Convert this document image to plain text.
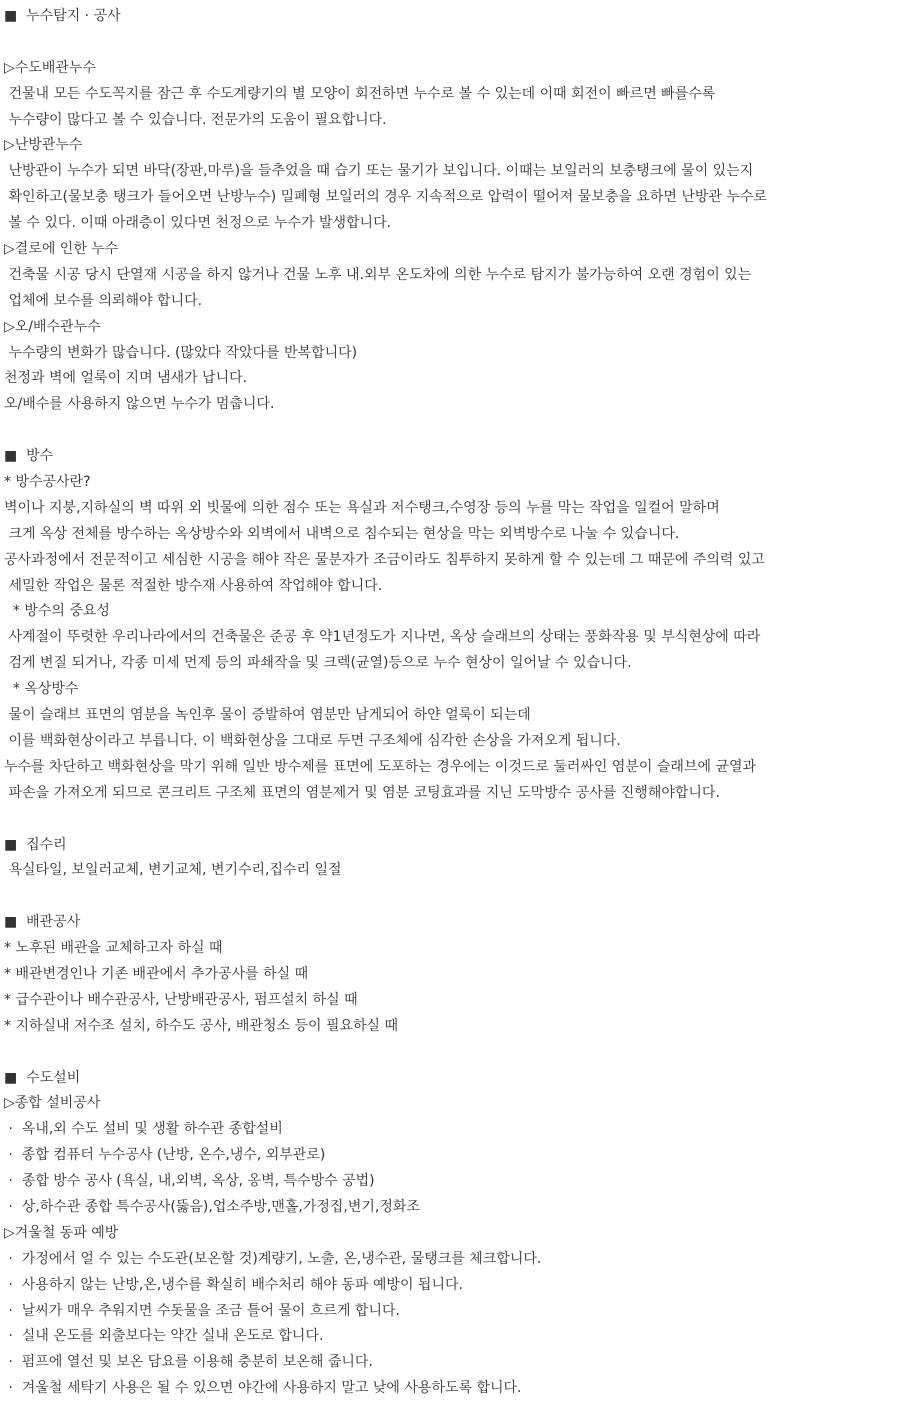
■  누수탐지 · 공사
▷수도배관누수
건물내 모든 수도꼭지를 잠근 후 수도계량기의 별 모양이 회전하면 누수로 볼 수 있는데 이때 회전이 빠르면 빠를수록
누수량이 많다고 볼 수 있습니다. 전문가의 도움이 필요합니다.
▷난방관누수
난방관이 누수가 되면 바닥(장판,마루)을 들추었을 때 습기 또는 물기가 보입니다. 이때는 보일러의 보충탱크에 물이 있는지
확인하고(물보충 탱크가 들어오면 난방누수) 밀폐형 보일러의 경우 지속적으로 압력이 떨어져 물보충을 요하면 난방관 누수로
볼 수 있다. 이때 아래층이 있다면 천정으로 누수가 발생합니다.
▷결로에 인한 누수
건축물 시공 당시 단열재 시공을 하지 않거나 건물 노후 내.외부 온도차에 의한 누수로 탐지가 불가능하여 오랜 경험이 있는
업체에 보수를 의뢰해야 합니다.
▷오/배수관누수
누수량의 변화가 많습니다. (많았다 작았다를 반복합니다)
천정과 벽에 얼룩이 지며 냄새가 납니다.
오/배수를 사용하지 않으면 누수가 멈춥니다.
■  방수
* 방수공사란?
벽이나 지붕,지하실의 벽 따위 외 빗물에 의한 점수 또는 욕실과 저수탱크,수영장 등의 누를 막는 작업을 일컬어 말하며
크게 옥상 전체를 방수하는 옥상방수와 외벽에서 내벽으로 침수되는 현상을 막는 외벽방수로 나눌 수 있습니다.
공사과정에서 전문적이고 세심한 시공을 해야 작은 물분자가 조금이라도 침투하지 못하게 할 수 있는데 그 때문에 주의력 있고
세밀한 작업은 물론 적절한 방수재 사용하여 작업해야 합니다.
* 방수의 중요성
사계절이 뚜렷한 우리나라에서의 건축물은 준공 후 약1년정도가 지나면, 옥상 슬래브의 상태는 풍화작용 및 부식현상에 따라
검게 변질 되거나, 각종 미세 먼제 등의 파쇄작을 및 크렉(균열)등으로 누수 현상이 일어날 수 있습니다.
* 옥상방수
물이 슬래브 표면의 염분을 녹인후 물이 증발하여 염분만 남게되어 하얀 얼룩이 되는데
이를 백화현상이라고 부릅니다. 이 백화현상을 그대로 두면 구조체에 심각한 손상을 가져오게 됩니다.
누수를 차단하고 백화현상을 막기 위해 일반 방수제를 표면에 도포하는 경우에는 이것드로 둘러싸인 염분이 슬래브에 균열과
파손을 가져오게 되므로 콘크리트 구조체 표면의 염분제거 및 염분 코팅효과를 지닌 도막방수 공사를 진행해야합니다.
■  집수리
욕실타일, 보일러교체, 변기교체, 변기수리,집수리 일절
■  배관공사
* 노후된 배관을 교체하고자 하실 때
* 배관변경인나 기존 배관에서 추가공사를 하실 때
* 급수관이나 배수관공사, 난방배관공사, 펌프설치 하실 때
* 지하실내 저수조 설치, 하수도 공사, 배관청소 등이 필요하실 때
■  수도설비
▷종합 설비공사
·  옥내,외 수도 설비 및 생활 하수관 종합설비
·  종합 컴퓨터 누수공사 (난방, 온수,냉수, 외부관로)
·  종합 방수 공사 (욕실, 내,외벽, 옥상, 옹벽, 특수방수 공법)
·  상,하수관 종합 특수공사(뚫음),업소주방,맨홀,가정집,변기,정화조
▷겨울철 동파 예방
·  가정에서 얼 수 있는 수도관(보온할 것)계량기, 노출, 온,냉수관, 물탱크를 체크합니다.
·  사용하지 않는 난방,온,냉수를 확실히 배수처리 해야 동파 예방이 됩니다.
·  날씨가 매우 추워지면 수돗물을 조금 틀어 물이 흐르게 합니다.
·  실내 온도를 외출보다는 약간 실내 온도로 합니다.
·  펌프에 열선 및 보온 담요를 이용해 충분히 보온해 줍니다.
·  겨울철 세탁기 사용은 될 수 있으면 야간에 사용하지 말고 낮에 사용하도록 합니다.
